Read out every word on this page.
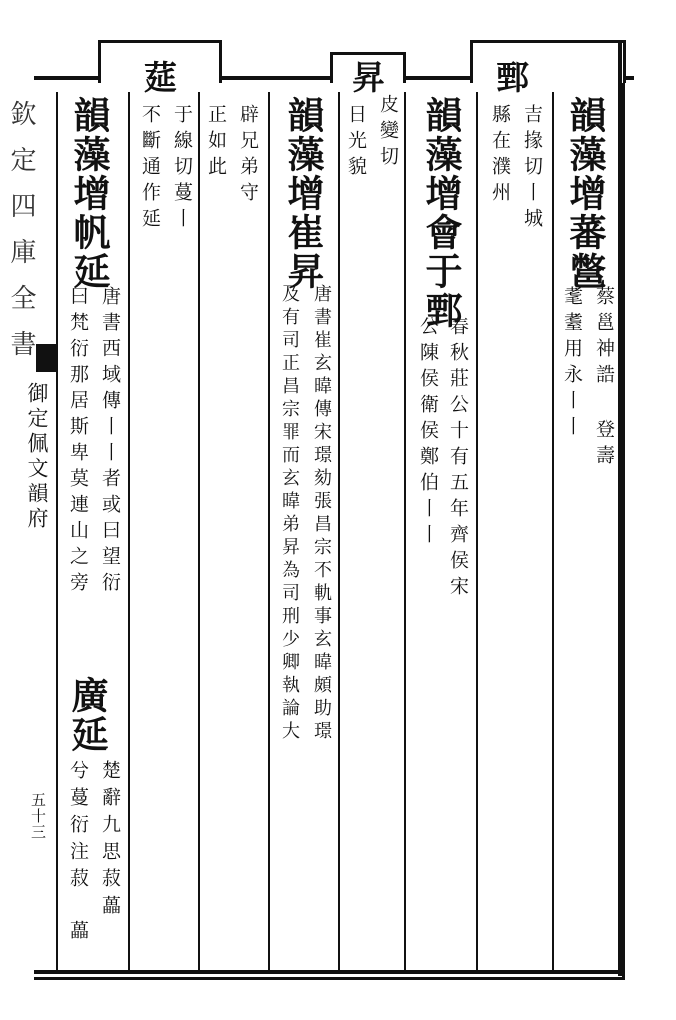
欽定四庫全書
御定佩文韻府
五十三
韻藻增蕃鄨
蔡邕神誥 登壽
耄耋用永丨丨
鄄
吉掾切丨城
縣在濮州
韻藻增會于鄄
春秋莊公十有五年齊侯宋
公陳侯衛侯鄭伯丨丨
昇
皮變切
日光貌
韻藻增崔昇
唐書崔玄暐傳宋璟劾張昌宗不軌事玄暐頗助璟
及有司正昌宗罪而玄暐弟昇為司刑少卿執論大
辟兄弟守
正如此
莚
于線切蔓丨
不斷通作延
韻藻增帆延
唐書西域傳丨丨者或曰望衍
曰梵衍那居斯卑莫連山之旁
廣延
楚辭九思菽藟
兮蔓衍注菽
藟
